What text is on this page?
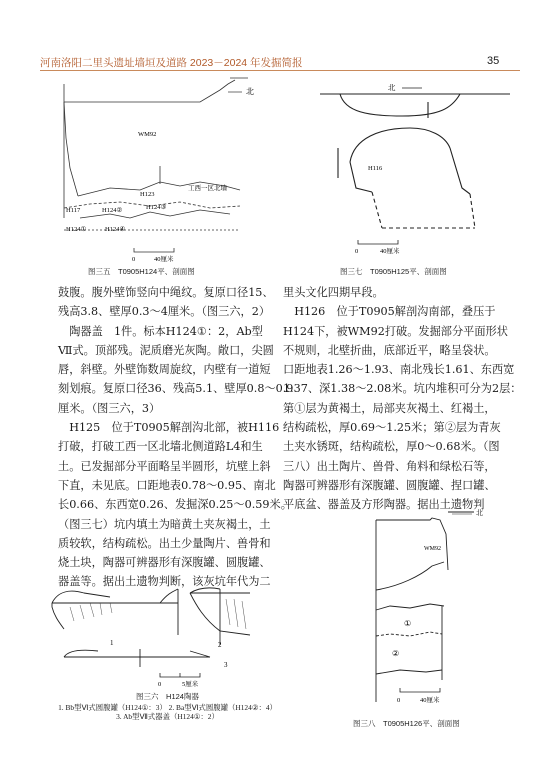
河南洛阳二里头遗址墙垣及道路 2023－2024 年发掘简报	35
北
WM92
H123
工西一区北墙
H117	H124②	H124③
H124①	H124④
0	40厘米
图三五　T0905H124平、剖面图
北
H116
0	40厘米
图三七　T0905H125平、剖面图

鼓腹。腹外壁饰竖向中绳纹。复原口径15、

残高3.8、壁厚0.3～4厘米。（图三六，2）

　陶器盖　1件。标本H124①：2，Ab型

Ⅶ式。顶部残。泥质磨光灰陶。敞口，尖圆

唇，斜壁。外壁饰数周旋纹，内壁有一道短

刻划痕。复原口径36、残高5.1、壁厚0.8～0.9

厘米。（图三六，3）

　H125　位于T0905解剖沟北部，被H116

打破，打破工西一区北墙北侧道路L4和生

土。已发掘部分平面略呈半圆形，坑壁上斜

下直，未见底。口距地表0.78～0.95、南北

长0.66、东西宽0.26、发掘深0.25～0.59米。

（图三七）坑内填土为暗黄土夹灰褐土，土

质较软，结构疏松。出土少量陶片、兽骨和

烧土块，陶器可辨器形有深腹罐、圆腹罐、

器盖等。据出土遗物判断，该灰坑年代为二

里头文化四期早段。

　H126　位于T0905解剖沟南部，叠压于

H124下，被WM92打破。发掘部分平面形状

不规则，北壁折曲，底部近平，略呈袋状。

口距地表1.26～1.93、南北残长1.61、东西宽

1.37、深1.38～2.08米。坑内堆积可分为2层：

第①层为黄褐土，局部夹灰褐土、红褐土，

结构疏松，厚0.69～1.25米；第②层为青灰

土夹水锈斑，结构疏松，厚0～0.68米。（图

三八）出土陶片、兽骨、角料和绿松石等，

陶器可辨器形有深腹罐、圆腹罐、捏口罐、

平底盆、器盖及方形陶器。据出土遗物判

1	2
3
0	5厘米
图三六　H124陶器
1. Bb型Ⅵ式圆腹罐（H124①：3） 2. Ba型Ⅵ式圆腹罐（H124②：4）
3. Ab型Ⅶ式器盖（H124①：2）
北
WM92
①
②
0	40厘米
图三八　T0905H126平、剖面图
